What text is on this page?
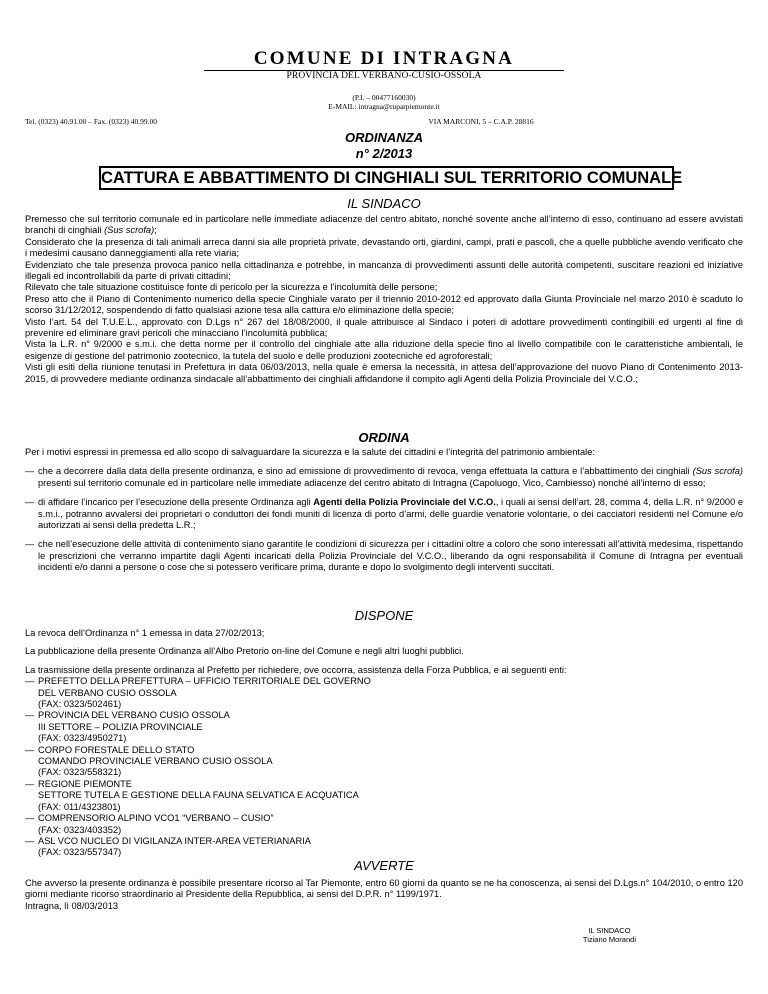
COMUNE DI INTRAGNA
PROVINCIA DEL VERBANO-CUSIO-OSSOLA
(P.I. – 00477160030)
E-MAIL: intragna@ruparpiemonte.it
Tel. (0323) 40.91.00 – Fax. (0323) 40.99.00	VIA MARCONI, 5 – C.A.P. 28816
ORDINANZA
n° 2/2013
CATTURA E ABBATTIMENTO DI CINGHIALI SUL TERRITORIO COMUNALE
IL SINDACO

Premesso che sul territorio comunale ed in particolare nelle immediate adiacenze del centro abitato, nonché sovente anche all’interno di esso, continuano ad essere avvistati branchi di cinghiali (Sus scrofa);

Considerato che la presenza di tali animali arreca danni sia alle proprietà private, devastando orti, giardini, campi, prati e pascoli, che a quelle pubbliche avendo verificato che i medesimi causano danneggiamenti alla rete viaria;

Evidenziato che tale presenza provoca panico nella cittadinanza e potrebbe, in mancanza di provvedimenti assunti delle autorità competenti, suscitare reazioni ed iniziative illegali ed incontrollabili da parte di privati cittadini;

Rilevato che tale situazione costituisce fonte di pericolo per la sicurezza e l’incolumità delle persone;

Preso atto che il Piano di Contenimento numerico della specie Cinghiale varato per il triennio 2010-2012 ed approvato dalla Giunta Provinciale nel marzo 2010 è scaduto lo scorso 31/12/2012, sospendendo di fatto qualsiasi azione tesa alla cattura e/o eliminazione della specie;

Visto l’art. 54 del T.U.E.L., approvato con D.Lgs n° 267 del 18/08/2000, il quale attribuisce al Sindaco i poteri di adottare provvedimenti contingibili ed urgenti al fine di prevenire ed eliminare gravi pericoli che minacciano l’incolumità pubblica;

Vista la L.R. n° 9/2000 e s.m.i. che detta norme per il controllo del cinghiale atte alla riduzione della specie fino al livello compatibile con le caratteristiche ambientali, le esigenze di gestione del patrimonio zootecnico, la tutela del suolo e delle produzioni zootecniche ed agroforestali;

Visti gli esiti della riunione tenutasi in Prefettura in data 06/03/2013, nella quale è emersa la necessità, in attesa dell’approvazione del nuovo Piano di Contenimento 2013-2015, di provvedere mediante ordinanza sindacale all’abbattimento dei cinghiali affidandone il compito agli Agenti della Polizia Provinciale del V.C.O.;

ORDINA

Per i motivi espressi in premessa ed allo scopo di salvaguardare la sicurezza e la salute dei cittadini e l’integrità del patrimonio ambientale:

— che a decorrere dalla data della presente ordinanza, e sino ad emissione di provvedimento di revoca, venga effettuata la cattura e l’abbattimento dei cinghiali (Sus scrofa) presenti sul territorio comunale ed in particolare nelle immediate adiacenze del centro abitato di Intragna (Capoluogo, Vico, Cambiesso) nonché all’interno di esso;
— di affidare l’incarico per l’esecuzione della presente Ordinanza agli Agenti della Polizia Provinciale del V.C.O., i quali ai sensi dell’art. 28, comma 4, della L.R. n° 9/2000 e s.m.i., potranno avvalersi dei proprietari o conduttori dei fondi muniti di licenza di porto d’armi, delle guardie venatorie volontarie, o dei cacciatori residenti nel Comune e/o autorizzati ai sensi della predetta L.R.;
— che nell’esecuzione delle attività di contenimento siano garantite le condizioni di sicurezza per i cittadini oltre a coloro che sono interessati all’attività medesima, rispettando le prescrizioni che verranno impartite dagli Agenti incaricati della Polizia Provinciale del V.C.O., liberando da ogni responsabilità il Comune di Intragna per eventuali incidenti e/o danni a persone o cose che si potessero verificare prima, durante e dopo lo svolgimento degli interventi succitati.
DISPONE

La revoca dell’Ordinanza n° 1 emessa in data 27/02/2013;

La pubblicazione della presente Ordinanza all’Albo Pretorio on-line del Comune e negli altri luoghi pubblici.

La trasmissione della presente ordinanza al Prefetto per richiedere, ove occorra, assistenza della Forza Pubblica, e ai seguenti enti:

— PREFETTO DELLA PREFETTURA – UFFICIO TERRITORIALE DEL GOVERNO
DEL VERBANO CUSIO OSSOLA
(FAX: 0323/502461)
— PROVINCIA DEL VERBANO CUSIO OSSOLA
III SETTORE – POLIZIA PROVINCIALE
(FAX: 0323/4950271)
— CORPO FORESTALE DELLO STATO
COMANDO PROVINCIALE VERBANO CUSIO OSSOLA
(FAX: 0323/558321)
— REGIONE PIEMONTE
SETTORE TUTELA E GESTIONE DELLA FAUNA SELVATICA E ACQUATICA
(FAX: 011/4323801)
— COMPRENSORIO ALPINO VCO1 “VERBANO – CUSIO”
(FAX: 0323/403352)
— ASL VCO NUCLEO DI VIGILANZA INTER-AREA VETERIANARIA
(FAX: 0323/557347)
AVVERTE

Che avverso la presente ordinanza è possibile presentare ricorso al Tar Piemonte, entro 60 giorni da quanto se ne ha conoscenza, ai sensi del D.Lgs.n° 104/2010, o entro 120 giorni mediante ricorso straordinario al Presidente della Repubblica, ai sensi del D.P.R. n° 1199/1971.

Intragna, lì 08/03/2013

IL SINDACO
Tiziano Morandi
